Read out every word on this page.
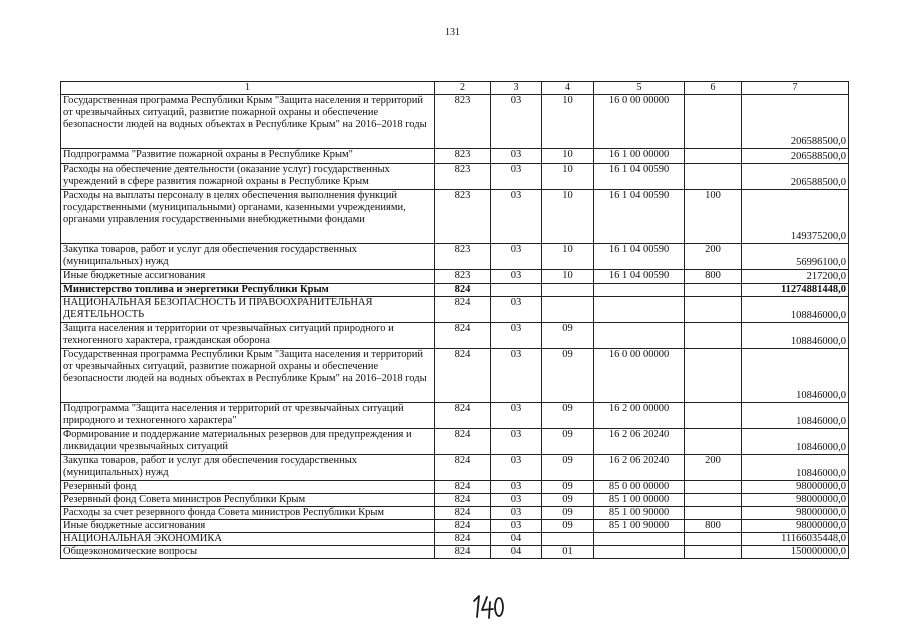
131
1	2	3	4	5	6	7
Государственная программа Республики Крым "Защита населения и территорий от чрезвычайных ситуаций, развитие пожарной охраны и обеспечение безопасности людей на водных объектах в Республике Крым" на 2016–2018 годы	823	03	10	16 0 00 00000		206588500,0
Подпрограмма "Развитие пожарной охраны в Республике Крым"	823	03	10	16 1 00 00000		206588500,0
Расходы на обеспечение деятельности (оказание услуг) государственных учреждений в сфере развития пожарной охраны в Республике Крым	823	03	10	16 1 04 00590		206588500,0
Расходы на выплаты персоналу в целях обеспечения выполнения функций государственными (муниципальными) органами, казенными учреждениями, органами управления государственными внебюджетными фондами	823	03	10	16 1 04 00590	100	149375200,0
Закупка товаров, работ и услуг для обеспечения государственных (муниципальных) нужд	823	03	10	16 1 04 00590	200	56996100,0
Иные бюджетные ассигнования	823	03	10	16 1 04 00590	800	217200,0
Министерство топлива и энергетики Республики Крым	824					11274881448,0
НАЦИОНАЛЬНАЯ БЕЗОПАСНОСТЬ И ПРАВООХРАНИТЕЛЬНАЯ ДЕЯТЕЛЬНОСТЬ	824	03				108846000,0
Защита населения и территории от чрезвычайных ситуаций природного и техногенного характера, гражданская оборона	824	03	09			108846000,0
Государственная программа Республики Крым "Защита населения и территорий от чрезвычайных ситуаций, развитие пожарной охраны и обеспечение безопасности людей на водных объектах в Республике Крым" на 2016–2018 годы	824	03	09	16 0 00 00000		10846000,0
Подпрограмма "Защита населения и территорий от чрезвычайных ситуаций природного и техногенного характера"	824	03	09	16 2 00 00000		10846000,0
Формирование и поддержание материальных резервов для предупреждения и ликвидации чрезвычайных ситуаций	824	03	09	16 2 06 20240		10846000,0
Закупка товаров, работ и услуг для обеспечения государственных (муниципальных) нужд	824	03	09	16 2 06 20240	200	10846000,0
Резервный фонд	824	03	09	85 0 00 00000		98000000,0
Резервный фонд Совета министров Республики Крым	824	03	09	85 1 00 00000		98000000,0
Расходы за счет резервного фонда Совета министров Республики Крым	824	03	09	85 1 00 90000		98000000,0
Иные бюджетные ассигнования	824	03	09	85 1 00 90000	800	98000000,0
НАЦИОНАЛЬНАЯ ЭКОНОМИКА	824	04				11166035448,0
Общеэкономические вопросы	824	04	01			150000000,0
